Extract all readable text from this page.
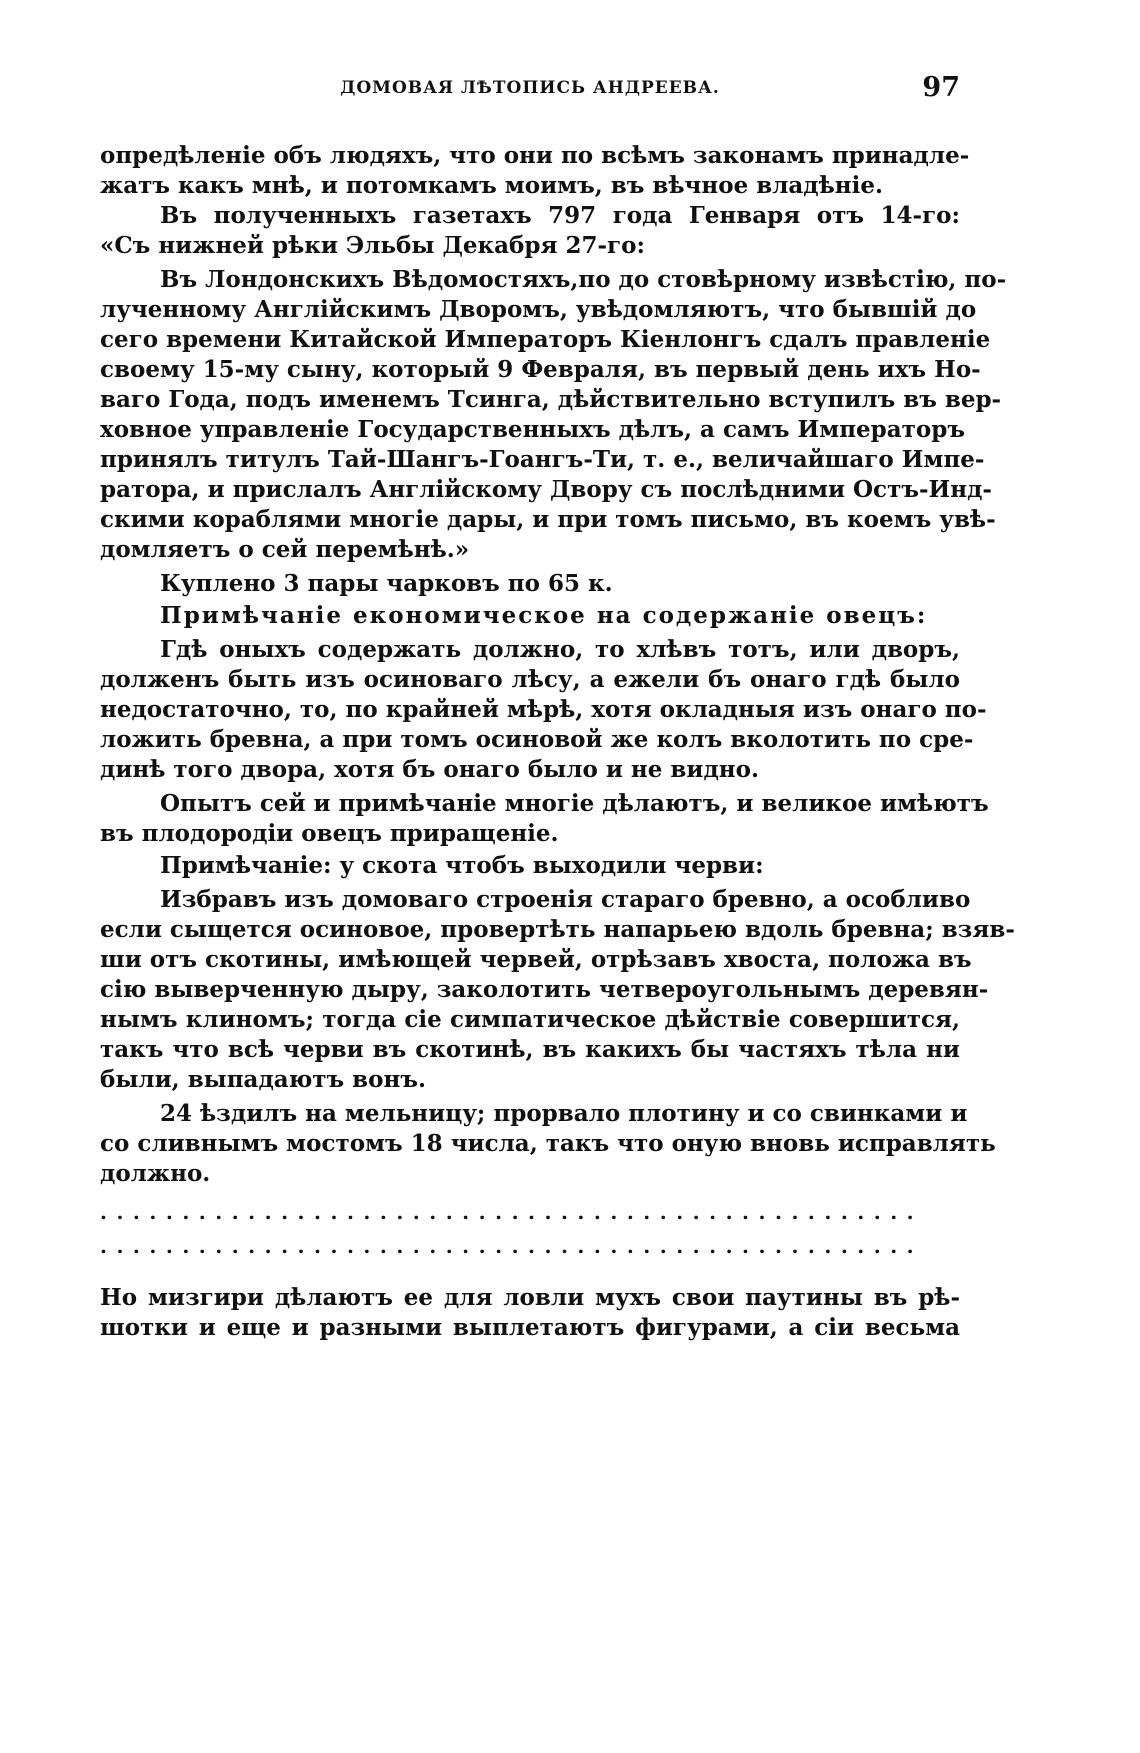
ДОМОВАЯ ЛѢТОПИСЬ АНДРЕЕВА.	97
опредѣленіе объ людяхъ, что они по всѣмъ законамъ принадле-
жатъ какъ мнѣ, и потомкамъ моимъ, въ вѣчное владѣніе.
Въ полученныхъ газетахъ 797 года Генваря отъ 14-го:
«Съ нижней рѣки Эльбы Декабря 27-го:
Въ Лондонскихъ Вѣдомостяхъ,по до стовѣрному извѣстію, по-
лученному Англійскимъ Дворомъ, увѣдомляютъ, что бывшій до
сего времени Китайской Императоръ Кіенлонгъ сдалъ правленіе
своему 15-му сыну, который 9 Февраля, въ первый день ихъ Но-
ваго Года, подъ именемъ Тсинга, дѣйствительно вступилъ въ вер-
ховное управленіе Государственныхъ дѣлъ, а самъ Императоръ
принялъ титулъ Тай-Шангъ-Гоангъ-Ти, т. е., величайшаго Импе-
ратора, и прислалъ Англійскому Двору съ послѣдними Остъ-Инд-
скими кораблями многіе дары, и при томъ письмо, въ коемъ увѣ-
домляетъ о сей перемѣнѣ.»
Куплено 3 пары чарковъ по 65 к.
Примѣчаніе економическое на содержаніе овецъ:
Гдѣ оныхъ содержать должно, то хлѣвъ тотъ, или дворъ,
долженъ быть изъ осиноваго лѣсу, а ежели бъ онаго гдѣ было
недостаточно, то, по крайней мѣрѣ, хотя окладныя изъ онаго по-
ложить бревна, а при томъ осиновой же колъ вколотить по сре-
динѣ того двора, хотя бъ онаго было и не видно.
Опытъ сей и примѣчаніе многіе дѣлаютъ, и великое имѣютъ
въ плодородіи овецъ приращеніе.
Примѣчаніе: у скота чтобъ выходили черви:
Избравъ изъ домоваго строенія стараго бревно, а особливо
если сыщется осиновое, провертѣть напарьею вдоль бревна; взяв-
ши отъ скотины, имѣющей червей, отрѣзавъ хвоста, положа въ
сію выверченную дыру, заколотить четвероугольнымъ деревян-
нымъ клиномъ; тогда сіе симпатическое дѣйствіе совершится,
такъ что всѣ черви въ скотинѣ, въ какихъ бы частяхъ тѣла ни
были, выпадаютъ вонъ.
24 ѣздилъ на мельницу; прорвало плотину и со свинками и
со сливнымъ мостомъ 18 числа, такъ что оную вновь исправлять
должно.
..................................................
..................................................
Но мизгири дѣлаютъ ее для ловли мухъ свои паутины въ рѣ-
шотки и еще и разными выплетаютъ фигурами, а сіи весьма
